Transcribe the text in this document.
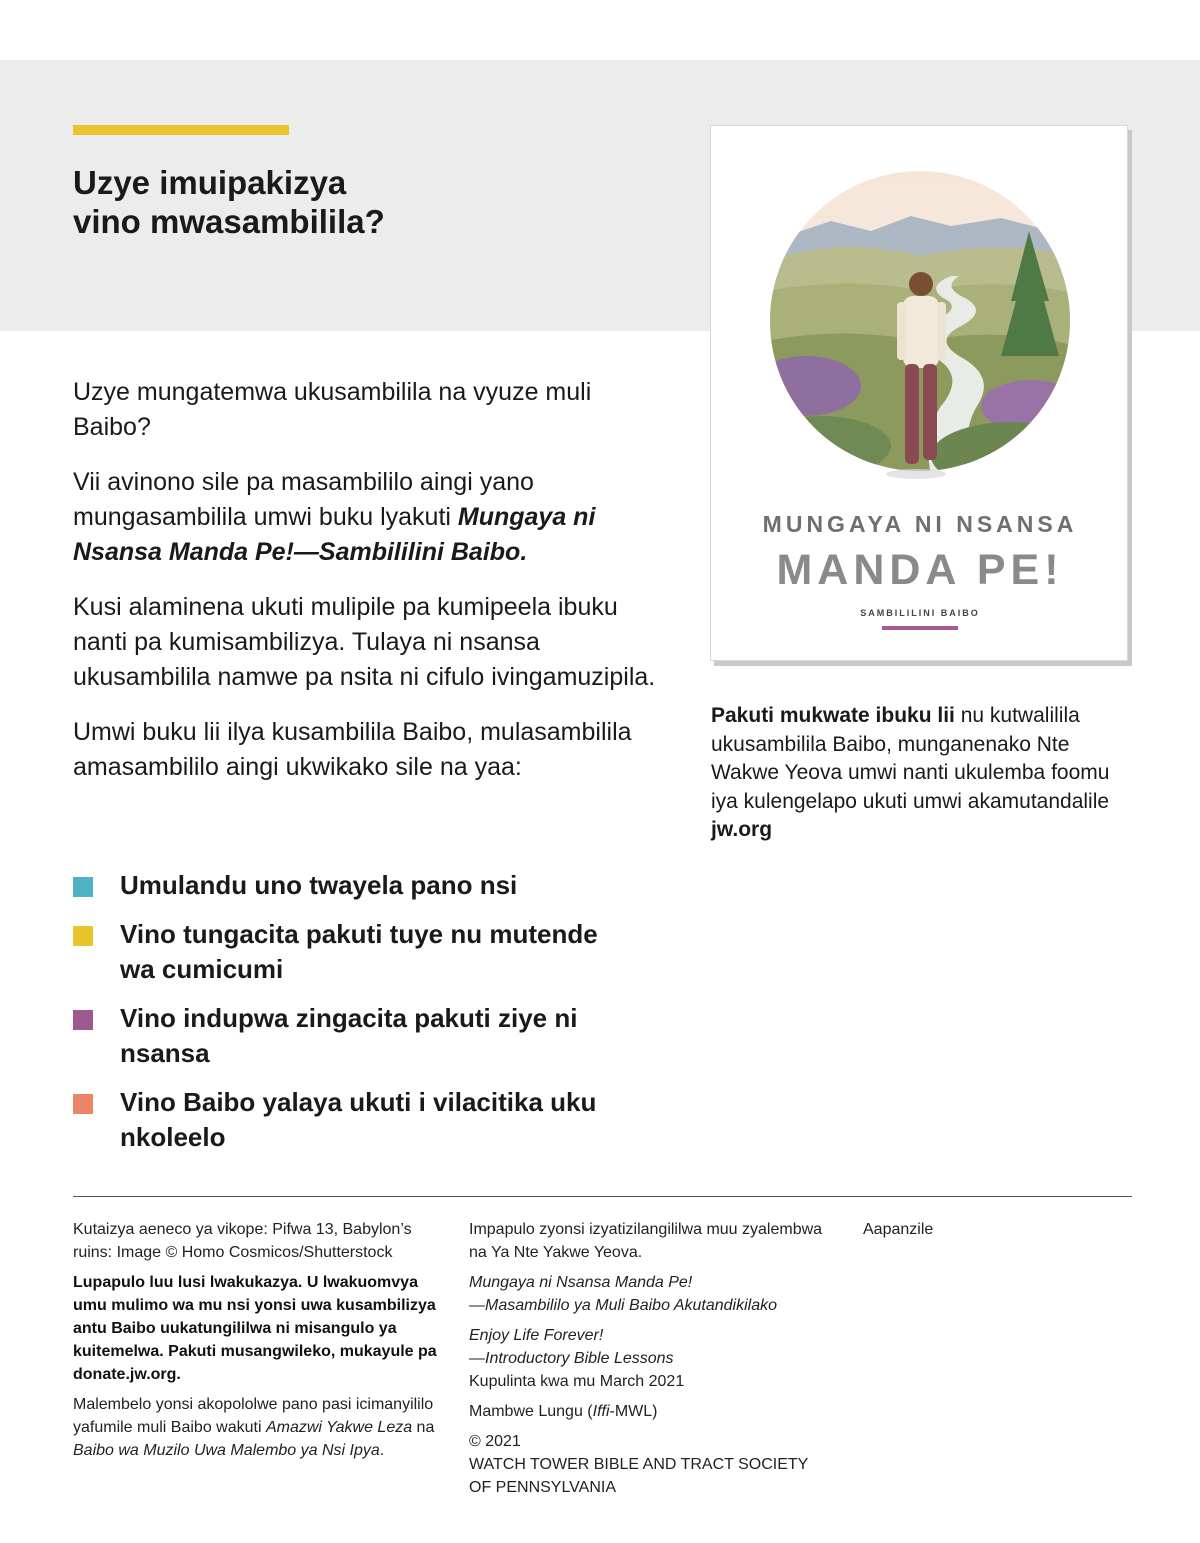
Uzye imuipakizya
vino mwasambilila?

Uzye mungatemwa ukusambilila na vyuze muli Baibo?

Vii avinono sile pa masambililo aingi yano mungasambilila umwi buku lyakuti Mungaya ni Nsansa Manda Pe!—Sambililini Baibo.

Kusi alaminena ukuti mulipile pa kumipeela ibuku nanti pa kumisambilizya. Tulaya ni nsansa ukusambilila namwe pa nsita ni cifulo ivingamuzipila.

Umwi buku lii ilya kusambilila Baibo, mulasambilila amasambililo aingi ukwikako sile na yaa:

Umulandu uno twayela pano nsi
Vino tungacita pakuti tuye nu mutende wa cumicumi
Vino indupwa zingacita pakuti ziye ni nsansa
Vino Baibo yalaya ukuti i vilacitika uku nkoleelo
MUNGAYA NI NSANSA
MANDA PE!
SAMBILILINI BAIBO
Pakuti mukwate ibuku lii nu kutwalilila ukusambilila Baibo, munganenako Nte Wakwe Yeova umwi nanti ukulemba foomu iya kulengelapo ukuti umwi akamutandalile jw.org

Kutaizya aeneco ya vikope: Pifwa 13, Babylon’s ruins: Image © Homo Cosmicos/Shutterstock

Lupapulo luu lusi lwakukazya. U lwakuomvya umu mulimo wa mu nsi yonsi uwa kusambilizya antu Baibo uukatungililwa ni misangulo ya kuitemelwa. Pakuti musangwileko, mukayule pa donate.jw.org.

Malembelo yonsi akopololwe pano pasi icimanyililo yafumile muli Baibo wakuti Amazwi Yakwe Leza na Baibo wa Muzilo Uwa Malembo ya Nsi Ipya.

Impapulo zyonsi izyatizilangililwa muu zyalembwa na Ya Nte Yakwe Yeova.

Mungaya ni Nsansa Manda Pe!
—Masambililo ya Muli Baibo Akutandikilako

Enjoy Life Forever!
—Introductory Bible Lessons
Kupulinta kwa mu March 2021

Mambwe Lungu (Iffi-MWL)

© 2021
WATCH TOWER BIBLE AND TRACT SOCIETY
OF PENNSYLVANIA

Aapanzile
